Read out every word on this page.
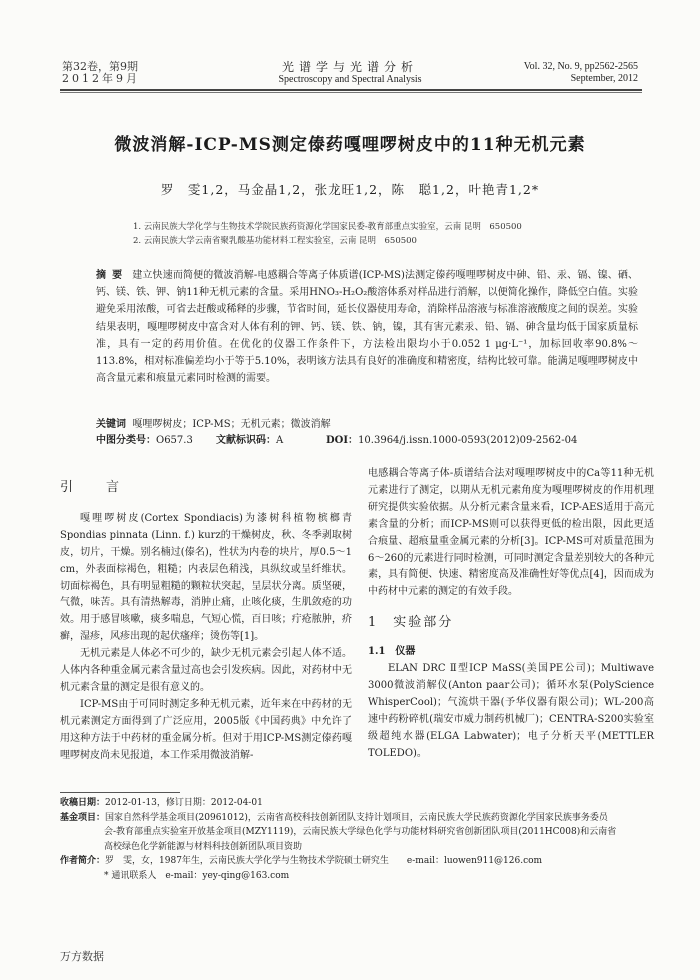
第32卷，第9期
2012年9月
光谱学与光谱分析
Spectroscopy and Spectral Analysis
Vol. 32, No. 9, pp2562-2565
September, 2012
微波消解-ICP-MS测定傣药嘎哩啰树皮中的11种无机元素
罗　雯1,2，马金晶1,2，张龙旺1,2，陈　聪1,2，叶艳青1,2*
1. 云南民族大学化学与生物技术学院民族药资源化学国家民委-教育部重点实验室，云南 昆明　650500
2. 云南民族大学云南省聚乳酸基功能材料工程实验室，云南 昆明　650500
摘要 建立快速而简便的微波消解-电感耦合等离子体质谱(ICP-MS)法测定傣药嘎哩啰树皮中砷、铅、汞、镉、镍、硒、钙、镁、铁、钾、钠11种无机元素的含量。采用HNO₃-H₂O₂酸溶体系对样品进行消解，以便简化操作，降低空白值。实验避免采用浓酸，可省去赶酸或稀释的步骤，节省时间，延长仪器使用寿命，消除样品溶液与标准溶液酸度之间的误差。实验结果表明，嘎哩啰树皮中富含对人体有利的钾、钙、镁、铁、钠，镍，其有害元素汞、铅、镉、砷含量均低于国家质量标准，具有一定的药用价值。在优化的仪器工作条件下，方法检出限均小于0.052 1 μg·L⁻¹，加标回收率90.8%～113.8%，相对标准偏差均小于等于5.10%，表明该方法具有良好的准确度和精密度，结构比较可靠。能满足嘎哩啰树皮中高含量元素和痕量元素同时检测的需要。
关键词 嘎哩啰树皮；ICP-MS；无机元素；微波消解
中图分类号：O657.3 文献标识码：A	DOI：10.3964/j.issn.1000-0593(2012)09-2562-04
引　言

嘎哩啰树皮(Cortex Spondiacis)为漆树科植物槟榔青Spondias pinnata (Linn. f.) kurz的干燥树皮，秋、冬季剥取树皮，切片，干燥。别名楠过(傣名)，性状为内卷的块片，厚0.5～1 cm，外表面棕褐色，粗糙；内表层色稍浅，具纵纹或呈纤维状。切面棕褐色，具有明显粗糙的颗粒状突起，呈层状分离。质坚硬，气微，味苦。具有清热解毒，消肿止痛，止咳化痰，生肌敛疮的功效。用于感冒咳嗽，痰多喘息，气短心慌，百日咳；疔疮脓肿，疥癣，湿疹，风疹出现的起伏瘙痒；烫伤等[1]。

无机元素是人体必不可少的，缺少无机元素会引起人体不适。人体内各种重金属元素含量过高也会引发疾病。因此，对药材中无机元素含量的测定是很有意义的。

ICP-MS由于可同时测定多种无机元素，近年来在中药材的无机元素测定方面得到了广泛应用，2005版《中国药典》中允许了用这种方法于中药材的重金属分析。但对于用ICP-MS测定傣药嘎哩啰树皮尚未见报道，本工作采用微波消解-

电感耦合等离子体-质谱结合法对嘎哩啰树皮中的Ca等11种无机元素进行了测定，以期从无机元素角度为嘎哩啰树皮的作用机理研究提供实验依据。从分析元素含量来看，ICP-AES适用于高元素含量的分析；而ICP-MS则可以获得更低的检出限，因此更适合痕量、超痕量重金属元素的分析[3]。ICP-MS可对质量范围为6～260的元素进行同时检测，可同时测定含量差别较大的各种元素，具有简便、快速、精密度高及准确性好等优点[4]，因而成为中药材中元素的测定的有效手段。

1　实验部分
1.1　仪器

ELAN DRC Ⅱ型ICP MaSS(美国PE公司)；Multiwave 3000微波消解仪(Anton paar公司)；循环水泵(PolyScience WhisperCool)；气流烘干器(予华仪器有限公司)；WL-200高速中药粉碎机(瑞安市威力制药机械厂)；CENTRA-S200实验室级超纯水器(ELGA Labwater)；电子分析天平(METTLER TOLEDO)。

收稿日期：2012-01-13，修订日期：2012-04-01
基金项目：国家自然科学基金项目(20961012)，云南省高校科技创新团队支持计划项目，云南民族大学民族药资源化学国家民族事务委员
会-教育部重点实验室开放基金项目(MZY1119)，云南民族大学绿色化学与功能材料研究省创新团队项目(2011HC008)和云南省
高校绿色化学新能源与材料科技创新团队项目资助
作者简介：罗　雯，女，1987年生，云南民族大学化学与生物技术学院硕士研究生　　e-mail：luowen911@126.com
* 通讯联系人　e-mail：yey-qing@163.com
万方数据
